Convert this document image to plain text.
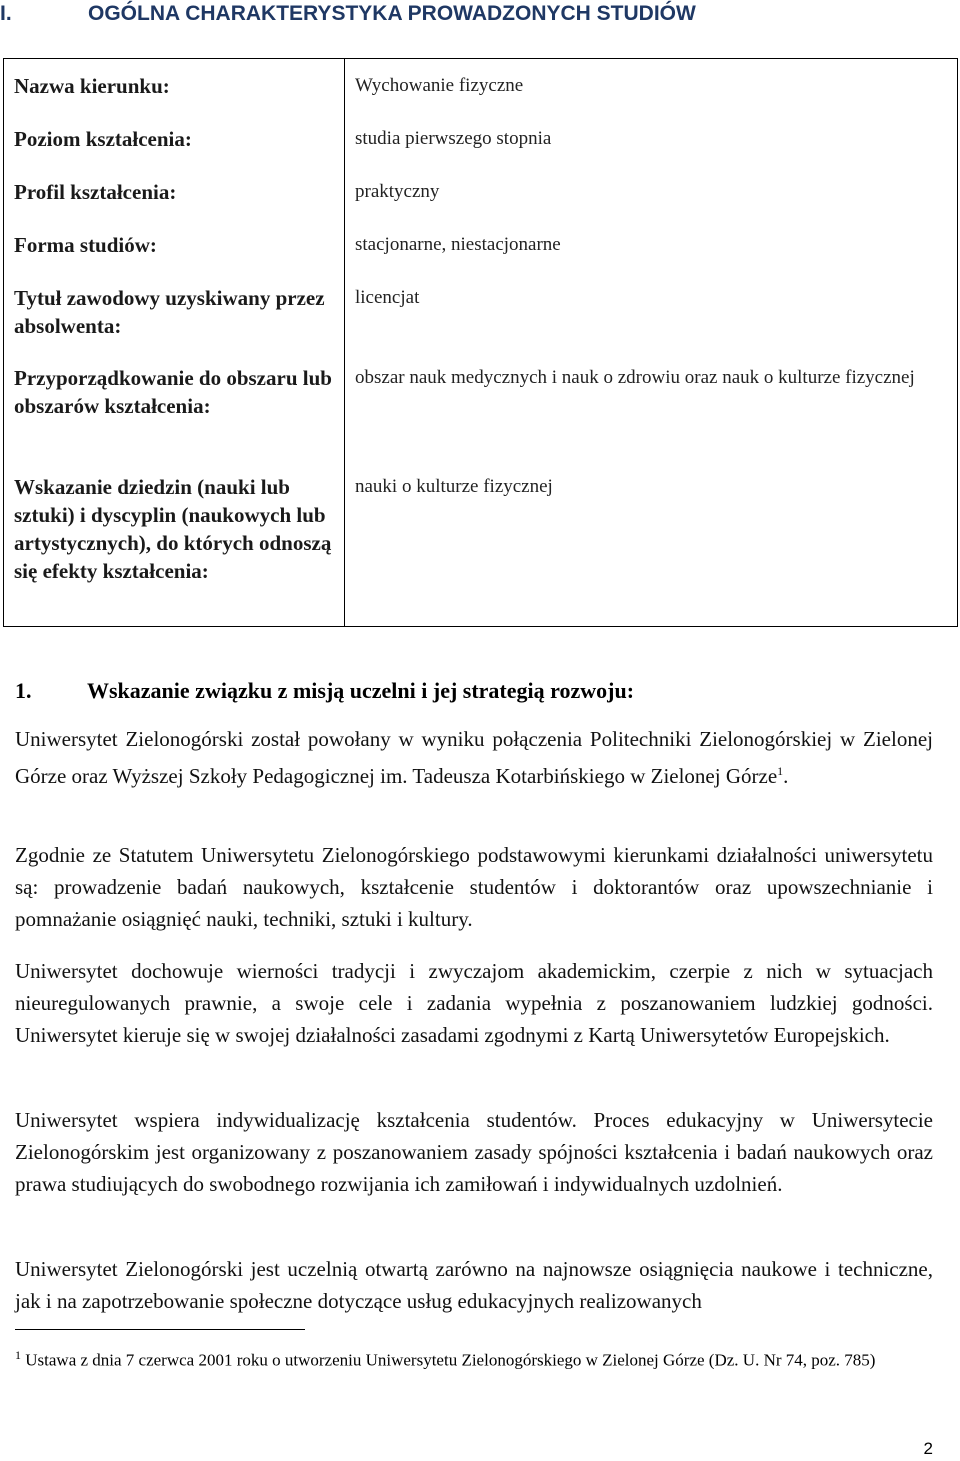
I.	OGÓLNA CHARAKTERYSTYKA PROWADZONYCH STUDIÓW
Nazwa kierunku:	Wychowanie fizyczne

Poziom kształcenia:	studia pierwszego stopnia

Profil kształcenia:	praktyczny

Forma studiów:	stacjonarne, niestacjonarne

Tytuł zawodowy uzyskiwany przez absolwenta:	licencjat

Przyporządkowanie do obszaru lub obszarów kształcenia:	obszar nauk medycznych i nauk o zdrowiu oraz nauk o kulturze fizycznej

Wskazanie dziedzin (nauki lub sztuki) i dyscyplin (naukowych lub artystycznych), do których odnoszą się efekty kształcenia:	nauki o kulturze fizycznej
1.	Wskazanie związku z misją uczelni i jej strategią rozwoju:
Uniwersytet Zielonogórski został powołany w wyniku połączenia Politechniki Zielonogórskiej w Zielonej Górze oraz Wyższej Szkoły Pedagogicznej im. Tadeusza Kotarbińskiego w Zielonej Górze$^1$.
Zgodnie ze Statutem Uniwersytetu Zielonogórskiego podstawowymi kierunkami działalności uniwersytetu są: prowadzenie badań naukowych, kształcenie studentów i doktorantów oraz upowszechnianie i pomnażanie osiągnięć nauki, techniki, sztuki i kultury.
Uniwersytet dochowuje wierności tradycji i zwyczajom akademickim, czerpie z nich w sytuacjach nieuregulowanych prawnie, a swoje cele i zadania wypełnia z poszanowaniem ludzkiej godności. Uniwersytet kieruje się w swojej działalności zasadami zgodnymi z Kartą Uniwersytetów Europejskich.
Uniwersytet wspiera indywidualizację kształcenia studentów. Proces edukacyjny w Uniwersytecie Zielonogórskim jest organizowany z poszanowaniem zasady spójności kształcenia i badań naukowych oraz prawa studiujących do swobodnego rozwijania ich zamiłowań i indywidualnych uzdolnień.
Uniwersytet Zielonogórski jest uczelnią otwartą zarówno na najnowsze osiągnięcia naukowe i techniczne, jak i na zapotrzebowanie społeczne dotyczące usług edukacyjnych realizowanych
$^1$ Ustawa z dnia 7 czerwca 2001 roku o utworzeniu Uniwersytetu Zielonogórskiego w Zielonej Górze (Dz. U. Nr 74, poz. 785)
2
